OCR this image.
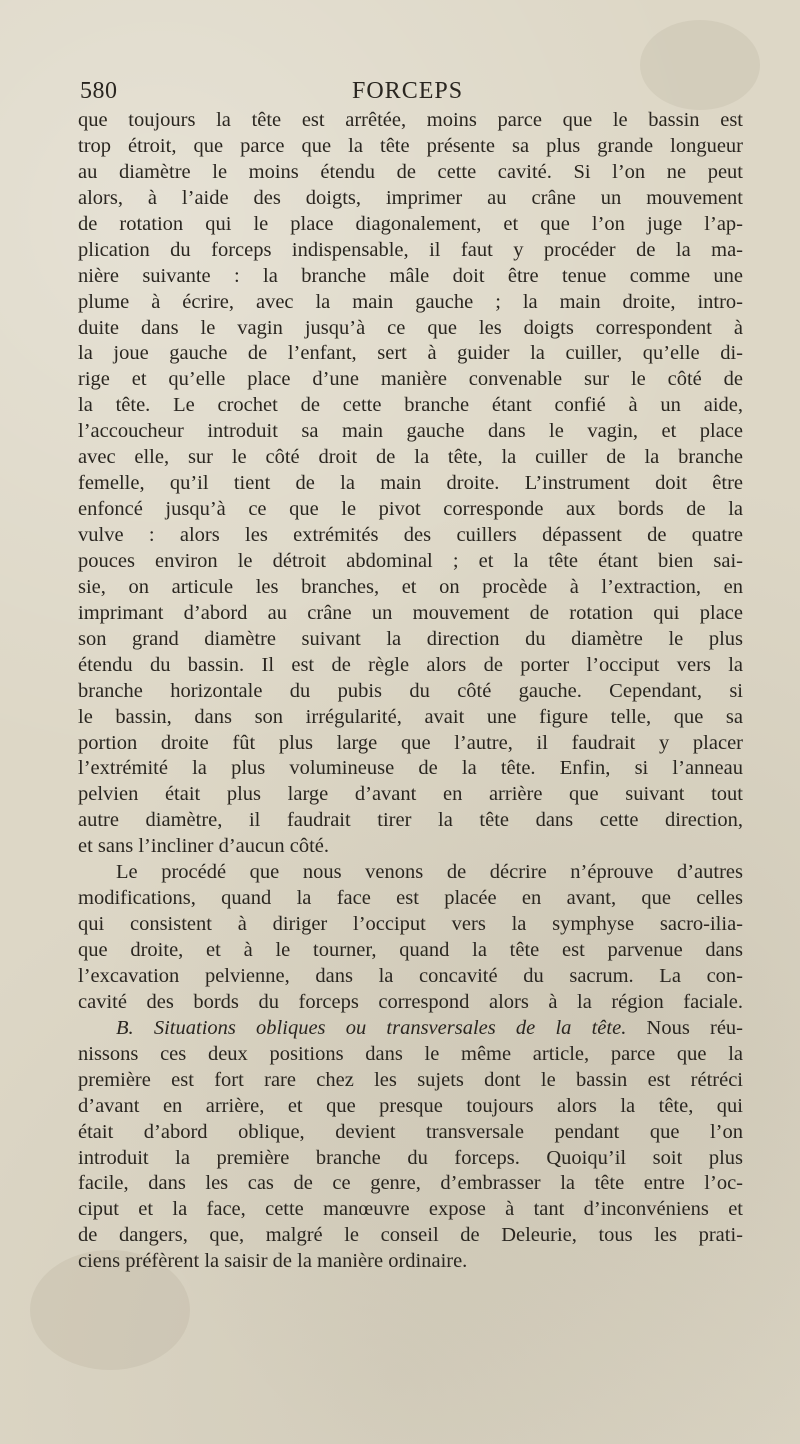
580	FORCEPS
que toujours la tête est arrêtée, moins parce que le bassin est
trop étroit, que parce que la tête présente sa plus grande longueur
au diamètre le moins étendu de cette cavité. Si l’on ne peut
alors, à l’aide des doigts, imprimer au crâne un mouvement
de rotation qui le place diagonalement, et que l’on juge l’ap-
plication du forceps indispensable, il faut y procéder de la ma-
nière suivante : la branche mâle doit être tenue comme une
plume à écrire, avec la main gauche ; la main droite, intro-
duite dans le vagin jusqu’à ce que les doigts correspondent à
la joue gauche de l’enfant, sert à guider la cuiller, qu’elle di-
rige et qu’elle place d’une manière convenable sur le côté de
la tête. Le crochet de cette branche étant confié à un aide,
l’accoucheur introduit sa main gauche dans le vagin, et place
avec elle, sur le côté droit de la tête, la cuiller de la branche
femelle, qu’il tient de la main droite. L’instrument doit être
enfoncé jusqu’à ce que le pivot corresponde aux bords de la
vulve : alors les extrémités des cuillers dépassent de quatre
pouces environ le détroit abdominal ; et la tête étant bien sai-
sie, on articule les branches, et on procède à l’extraction, en
imprimant d’abord au crâne un mouvement de rotation qui place
son grand diamètre suivant la direction du diamètre le plus
étendu du bassin. Il est de règle alors de porter l’occiput vers la
branche horizontale du pubis du côté gauche. Cependant, si
le bassin, dans son irrégularité, avait une figure telle, que sa
portion droite fût plus large que l’autre, il faudrait y placer
l’extrémité la plus volumineuse de la tête. Enfin, si l’anneau
pelvien était plus large d’avant en arrière que suivant tout
autre diamètre, il faudrait tirer la tête dans cette direction,
et sans l’incliner d’aucun côté.
Le procédé que nous venons de décrire n’éprouve d’autres
modifications, quand la face est placée en avant, que celles
qui consistent à diriger l’occiput vers la symphyse sacro-ilia-
que droite, et à le tourner, quand la tête est parvenue dans
l’excavation pelvienne, dans la concavité du sacrum. La con-
cavité des bords du forceps correspond alors à la région faciale.
B. Situations obliques ou transversales de la tête. Nous réu-
nissons ces deux positions dans le même article, parce que la
première est fort rare chez les sujets dont le bassin est rétréci
d’avant en arrière, et que presque toujours alors la tête, qui
était d’abord oblique, devient transversale pendant que l’on
introduit la première branche du forceps. Quoiqu’il soit plus
facile, dans les cas de ce genre, d’embrasser la tête entre l’oc-
ciput et la face, cette manœuvre expose à tant d’inconvéniens et
de dangers, que, malgré le conseil de Deleurie, tous les prati-
ciens préfèrent la saisir de la manière ordinaire.
